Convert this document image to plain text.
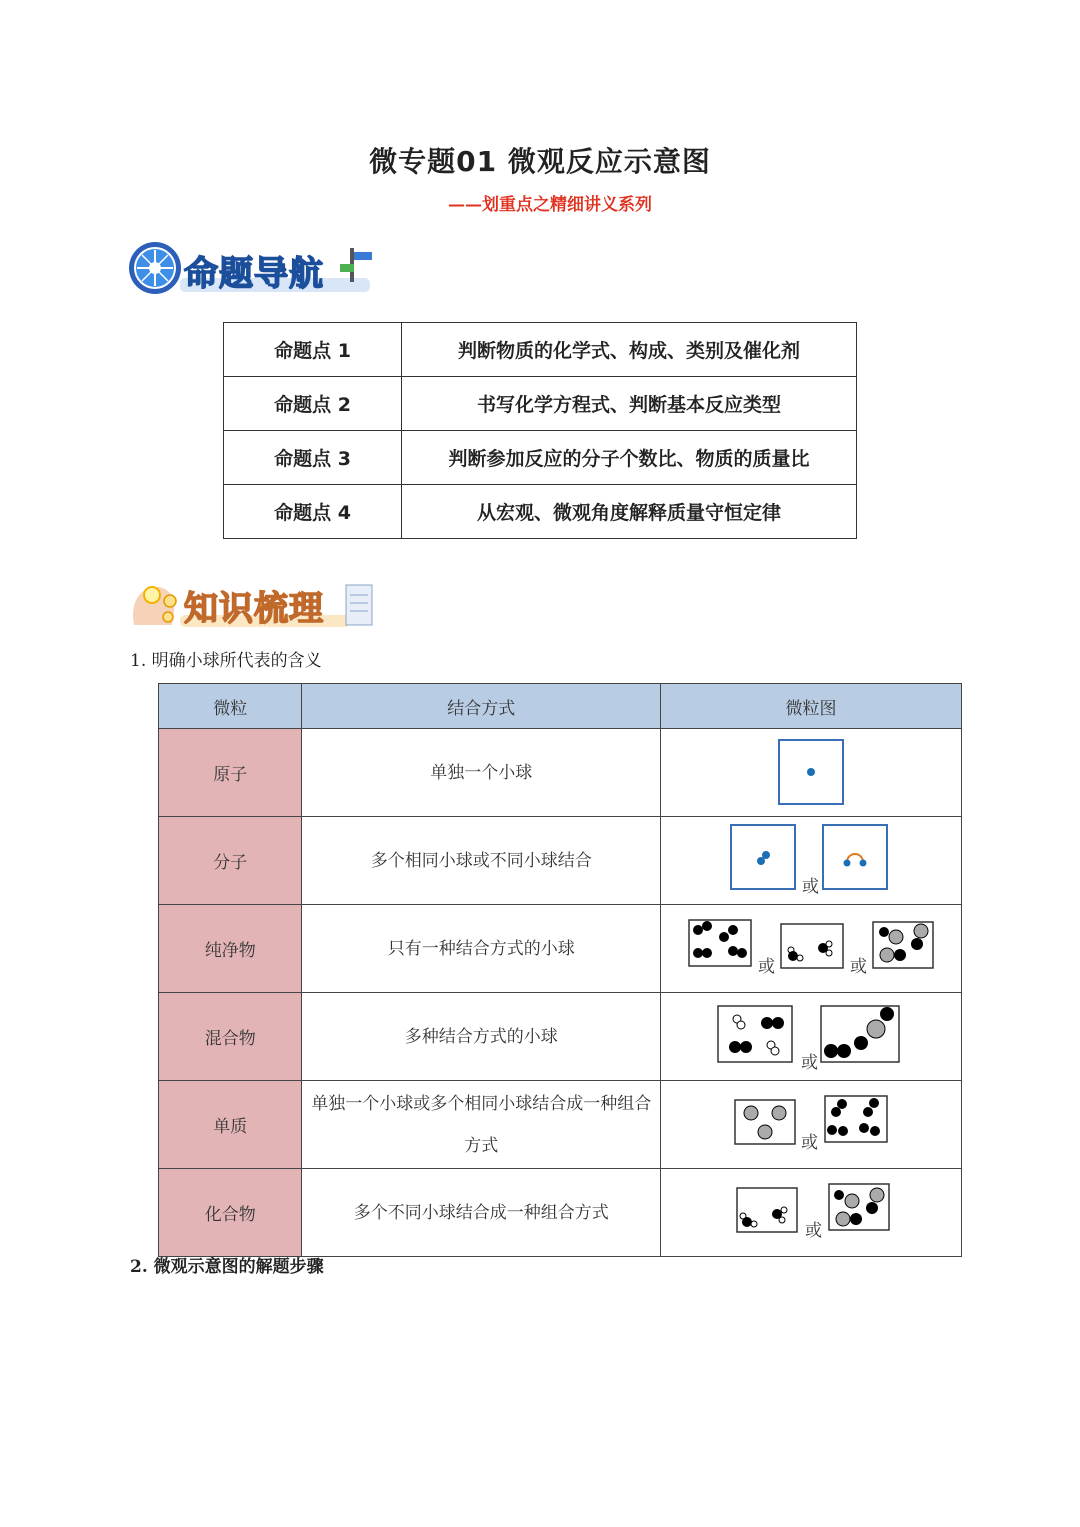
微专题01 微观反应示意图
——划重点之精细讲义系列
命题导航
命题点 1	判断物质的化学式、构成、类别及催化剂
命题点 2	书写化学方程式、判断基本反应类型
命题点 3	判断参加反应的分子个数比、物质的质量比
命题点 4	从宏观、微观角度解释质量守恒定律
知识梳理
1. 明确小球所代表的含义
微粒	结合方式	微粒图
原子	单独一个小球	

分子	多个相同小球或不同小球结合	或

纯净物	只有一种结合方式的小球	或 或

混合物	多种结合方式的小球	或

单质	单独一个小球或多个相同小球结合成一种组合方式	或

化合物	多个不同小球结合成一种组合方式	或
2. 微观示意图的解题步骤
